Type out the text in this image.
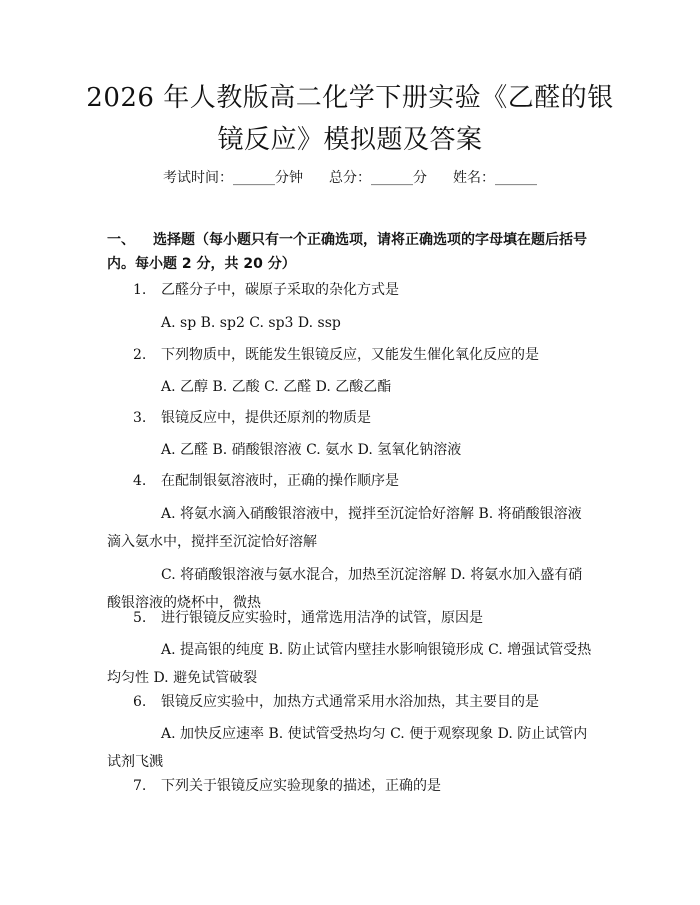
2026 年人教版高二化学下册实验《乙醛的银
镜反应》模拟题及答案
考试时间：______分钟 总分：______分 姓名：______
一、 选择题（每小题只有一个正确选项，请将正确选项的字母填在题后括号内。每小题 2 分，共 20 分）
1. 乙醛分子中，碳原子采取的杂化方式是
A. sp B. sp2 C. sp3 D. ssp
2. 下列物质中，既能发生银镜反应，又能发生催化氧化反应的是
A. 乙醇 B. 乙酸 C. 乙醛 D. 乙酸乙酯
3. 银镜反应中，提供还原剂的物质是
A. 乙醛 B. 硝酸银溶液 C. 氨水 D. 氢氧化钠溶液
4. 在配制银氨溶液时，正确的操作顺序是
A. 将氨水滴入硝酸银溶液中，搅拌至沉淀恰好溶解 B. 将硝酸银溶液滴入氨水中，搅拌至沉淀恰好溶解
C. 将硝酸银溶液与氨水混合，加热至沉淀溶解 D. 将氨水加入盛有硝酸银溶液的烧杯中，微热
5. 进行银镜反应实验时，通常选用洁净的试管，原因是
A. 提高银的纯度 B. 防止试管内壁挂水影响银镜形成 C. 增强试管受热均匀性 D. 避免试管破裂
6. 银镜反应实验中，加热方式通常采用水浴加热，其主要目的是
A. 加快反应速率 B. 使试管受热均匀 C. 便于观察现象 D. 防止试管内试剂飞溅
7. 下列关于银镜反应实验现象的描述，正确的是
